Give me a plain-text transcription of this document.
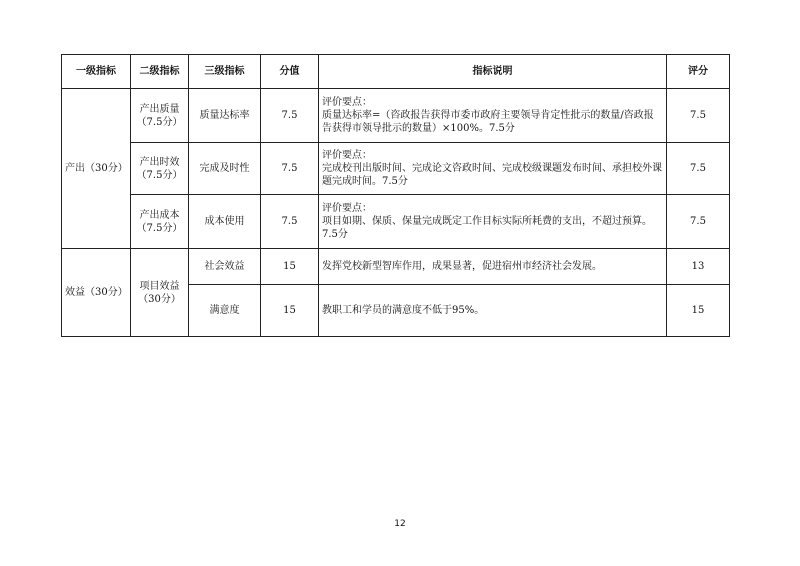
一级指标	二级指标	三级指标	分值	指标说明	评分
产出（30分）	产出质量（7.5分）	质量达标率	7.5	评价要点：
质量达标率=（咨政报告获得市委市政府主要领导肯定性批示的数量/咨政报告获得市领导批示的数量）×100%。7.5分	7.5
	产出时效（7.5分）	完成及时性	7.5	评价要点：
完成校刊出版时间、完成论文咨政时间、完成校级课题发布时间、承担校外课题完成时间。7.5分	7.5
	产出成本（7.5分）	成本使用	7.5	评价要点：
项目如期、保质、保量完成既定工作目标实际所耗费的支出，不超过预算。7.5分	7.5
效益（30分）	项目效益（30分）	社会效益	15	发挥党校新型智库作用，成果显著，促进宿州市经济社会发展。	13
		满意度	15	教职工和学员的满意度不低于95%。	15
12
